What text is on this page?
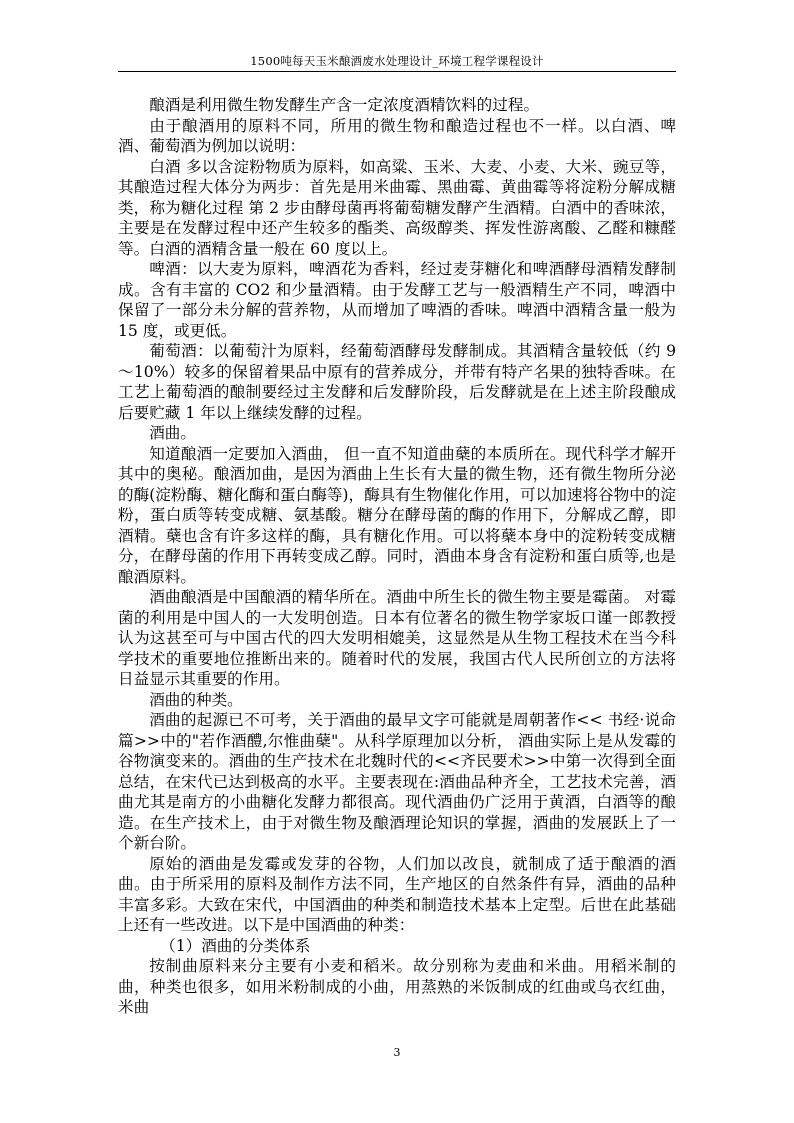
1500吨每天玉米酿酒废水处理设计_环境工程学课程设计

酿酒是利用微生物发酵生产含一定浓度酒精饮料的过程。

由于酿酒用的原料不同，所用的微生物和酿造过程也不一样。以白酒、啤酒、葡萄酒为例加以说明：

白酒 多以含淀粉物质为原料，如高粱、玉米、大麦、小麦、大米、豌豆等，其酿造过程大体分为两步：首先是用米曲霉、黑曲霉、黄曲霉等将淀粉分解成糖类，称为糖化过程 第 2 步由酵母菌再将葡萄糖发酵产生酒精。白酒中的香味浓，主要是在发酵过程中还产生较多的酯类、高级醇类、挥发性游离酸、乙醛和糠醛等。白酒的酒精含量一般在 60 度以上。

啤酒：以大麦为原料，啤酒花为香料，经过麦芽糖化和啤酒酵母酒精发酵制成。含有丰富的 CO2 和少量酒精。由于发酵工艺与一般酒精生产不同，啤酒中保留了一部分未分解的营养物，从而增加了啤酒的香味。啤酒中酒精含量一般为 15 度，或更低。

葡萄酒：以葡萄汁为原料，经葡萄酒酵母发酵制成。其酒精含量较低（约 9～10%）较多的保留着果品中原有的营养成分，并带有特产名果的独特香味。在工艺上葡萄酒的酿制要经过主发酵和后发酵阶段，后发酵就是在上述主阶段酿成后要贮藏 1 年以上继续发酵的过程。

酒曲。

知道酿酒一定要加入酒曲， 但一直不知道曲蘖的本质所在。现代科学才解开其中的奥秘。酿酒加曲，是因为酒曲上生长有大量的微生物，还有微生物所分泌的酶(淀粉酶、糖化酶和蛋白酶等)，酶具有生物催化作用，可以加速将谷物中的淀粉，蛋白质等转变成糖、氨基酸。糖分在酵母菌的酶的作用下，分解成乙醇，即酒精。蘖也含有许多这样的酶，具有糖化作用。可以将蘖本身中的淀粉转变成糖分，在酵母菌的作用下再转变成乙醇。同时，酒曲本身含有淀粉和蛋白质等,也是酿酒原料。

酒曲酿酒是中国酿酒的精华所在。酒曲中所生长的微生物主要是霉菌。 对霉菌的利用是中国人的一大发明创造。日本有位著名的微生物学家坂口谨一郎教授认为这甚至可与中国古代的四大发明相媲美，这显然是从生物工程技术在当今科学技术的重要地位推断出来的。随着时代的发展，我国古代人民所创立的方法将日益显示其重要的作用。

酒曲的种类。

酒曲的起源已不可考，关于酒曲的最早文字可能就是周朝著作<< 书经·说命篇>>中的"若作酒醴,尔惟曲蘖"。从科学原理加以分析， 酒曲实际上是从发霉的谷物演变来的。酒曲的生产技术在北魏时代的<<齐民要术>>中第一次得到全面总结，在宋代已达到极高的水平。主要表现在:酒曲品种齐全，工艺技术完善，酒曲尤其是南方的小曲糖化发酵力都很高。现代酒曲仍广泛用于黄酒，白酒等的酿造。在生产技术上，由于对微生物及酿酒理论知识的掌握，酒曲的发展跃上了一个新台阶。

原始的酒曲是发霉或发芽的谷物，人们加以改良，就制成了适于酿酒的酒曲。由于所采用的原料及制作方法不同，生产地区的自然条件有异，酒曲的品种丰富多彩。大致在宋代，中国酒曲的种类和制造技术基本上定型。后世在此基础上还有一些改进。以下是中国酒曲的种类：

（1）酒曲的分类体系

按制曲原料来分主要有小麦和稻米。故分别称为麦曲和米曲。用稻米制的曲，种类也很多，如用米粉制成的小曲，用蒸熟的米饭制成的红曲或乌衣红曲，米曲

3
